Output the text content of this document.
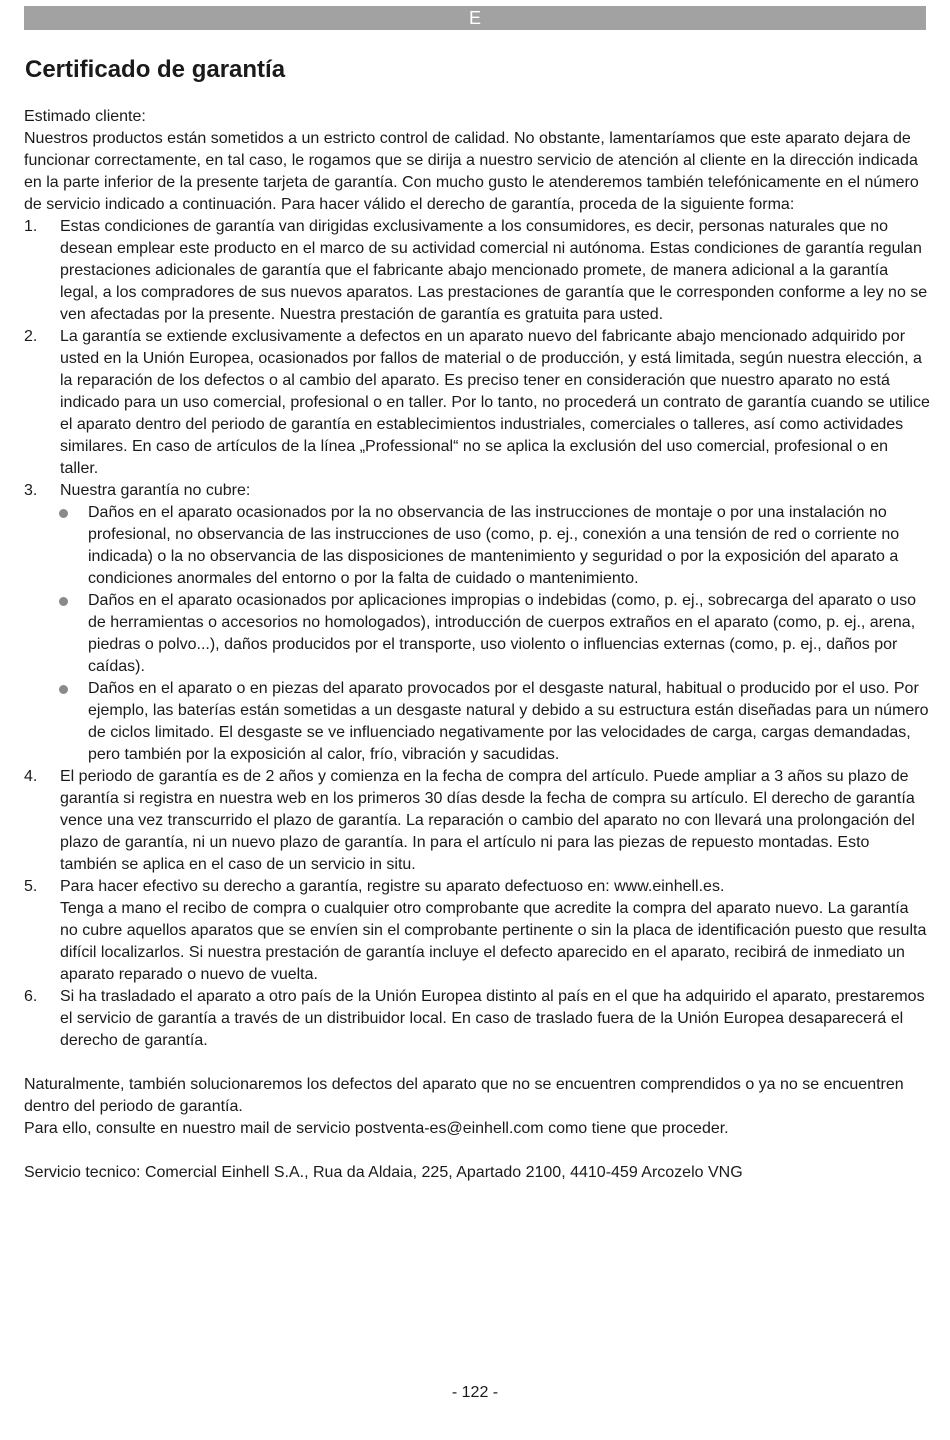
E
Certificado de garantía

Estimado cliente:

Nuestros productos están sometidos a un estricto control de calidad. No obstante, lamentaríamos que este aparato dejara de funcionar correctamente, en tal caso, le rogamos que se dirija a nuestro servicio de atención al cliente en la dirección indicada en la parte inferior de la presente tarjeta de garantía. Con mucho gusto le atenderemos también telefónicamente en el número de servicio indicado a continuación. Para hacer válido el derecho de garantía, proceda de la siguiente forma:

1. Estas condiciones de garantía van dirigidas exclusivamente a los consumidores, es decir, personas naturales que no desean emplear este producto en el marco de su actividad comercial ni autónoma. Estas condiciones de garantía regulan prestaciones adicionales de garantía que el fabricante abajo mencionado promete, de manera adicional a la garantía legal, a los compradores de sus nuevos aparatos. Las prestaciones de garantía que le corresponden conforme a ley no se ven afectadas por la presente. Nuestra prestación de garantía es gratuita para usted.

2. La garantía se extiende exclusivamente a defectos en un aparato nuevo del fabricante abajo mencionado adquirido por usted en la Unión Europea, ocasionados por fallos de material o de producción, y está limitada, según nuestra elección, a la reparación de los defectos o al cambio del aparato. Es preciso tener en consideración que nuestro aparato no está indicado para un uso comercial, profesional o en taller. Por lo tanto, no procederá un contrato de garantía cuando se utilice el aparato dentro del periodo de garantía en establecimientos industriales, comerciales o talleres, así como actividades similares. En caso de artículos de la línea „Professional“ no se aplica la exclusión del uso comercial, profesional o en taller.

3. Nuestra garantía no cubre:

Daños en el aparato ocasionados por la no observancia de las instrucciones de montaje o por una instalación no profesional, no observancia de las instrucciones de uso (como, p. ej., conexión a una tensión de red o corriente no indicada) o la no observancia de las disposiciones de mantenimiento y seguridad o por la exposición del aparato a condiciones anormales del entorno o por la falta de cuidado o mantenimiento.

Daños en el aparato ocasionados por aplicaciones impropias o indebidas (como, p. ej., sobrecarga del aparato o uso de herramientas o accesorios no homologados), introducción de cuerpos extraños en el aparato (como, p. ej., arena, piedras o polvo...), daños producidos por el transporte, uso violento o influencias externas (como, p. ej., daños por caídas).

Daños en el aparato o en piezas del aparato provocados por el desgaste natural, habitual o producido por el uso. Por ejemplo, las baterías están sometidas a un desgaste natural y debido a su estructura están diseñadas para un número de ciclos limitado. El desgaste se ve influenciado negativamente por las velocidades de carga, cargas demandadas, pero también por la exposición al calor, frío, vibración y sacudidas.

4. El periodo de garantía es de 2 años y comienza en la fecha de compra del artículo. Puede ampliar a 3 años su plazo de garantía si registra en nuestra web en los primeros 30 días desde la fecha de compra su artículo. El derecho de garantía vence una vez transcurrido el plazo de garantía. La reparación o cambio del aparato no con llevará una prolongación del plazo de garantía, ni un nuevo plazo de garantía. In para el artículo ni para las piezas de repuesto montadas. Esto también se aplica en el caso de un servicio in situ.

5. Para hacer efectivo su derecho a garantía, registre su aparato defectuoso en: www.einhell.es.

Tenga a mano el recibo de compra o cualquier otro comprobante que acredite la compra del aparato nuevo. La garantía no cubre aquellos aparatos que se envíen sin el comprobante pertinente o sin la placa de identificación puesto que resulta difícil localizarlos. Si nuestra prestación de garantía incluye el defecto aparecido en el aparato, recibirá de inmediato un aparato reparado o nuevo de vuelta.

6. Si ha trasladado el aparato a otro país de la Unión Europea distinto al país en el que ha adquirido el aparato, prestaremos el servicio de garantía a través de un distribuidor local. En caso de traslado fuera de la Unión Europea desaparecerá el derecho de garantía.

Naturalmente, también solucionaremos los defectos del aparato que no se encuentren comprendidos o ya no se encuentren dentro del periodo de garantía.

Para ello, consulte en nuestro mail de servicio postventa-es@einhell.com como tiene que proceder.

Servicio tecnico: Comercial Einhell S.A., Rua da Aldaia, 225, Apartado 2100, 4410-459 Arcozelo VNG

- 122 -
